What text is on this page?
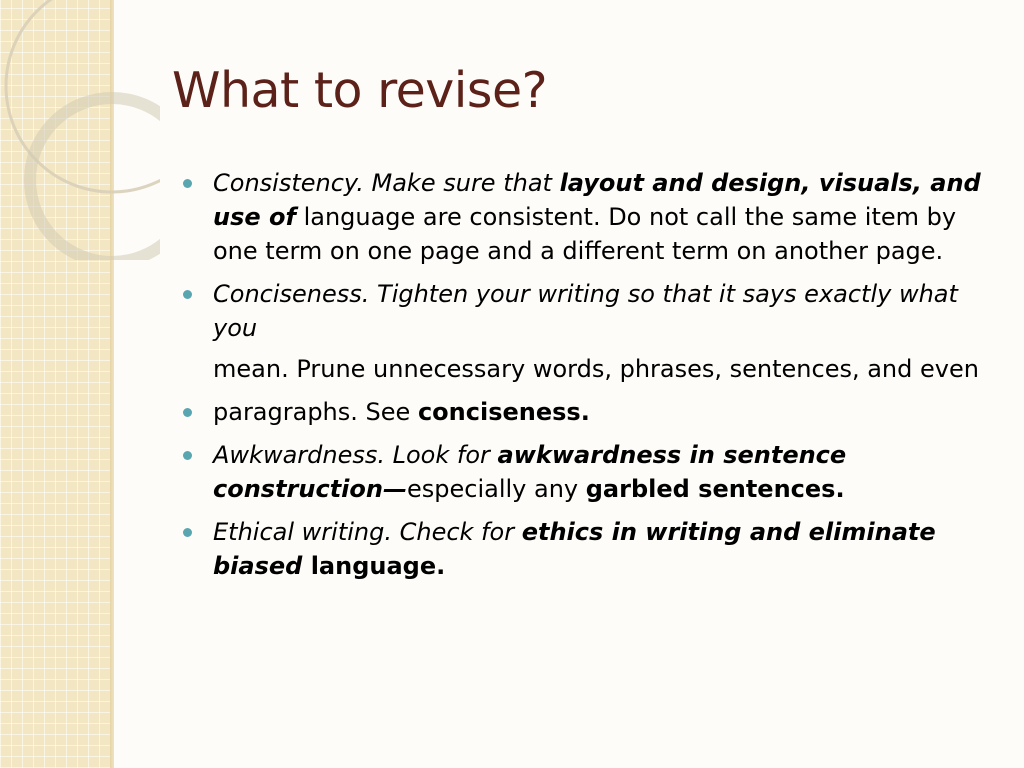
What to revise?
Consistency. Make sure that layout and design, visuals, and use of language are consistent. Do not call the same item by one term on one page and a different term on another page.
Conciseness. Tighten your writing so that it says exactly what you
mean. Prune unnecessary words, phrases, sentences, and even
paragraphs. See conciseness.
Awkwardness. Look for awkwardness in sentence construction—especially any garbled sentences.
Ethical writing. Check for ethics in writing and eliminate biased language.
